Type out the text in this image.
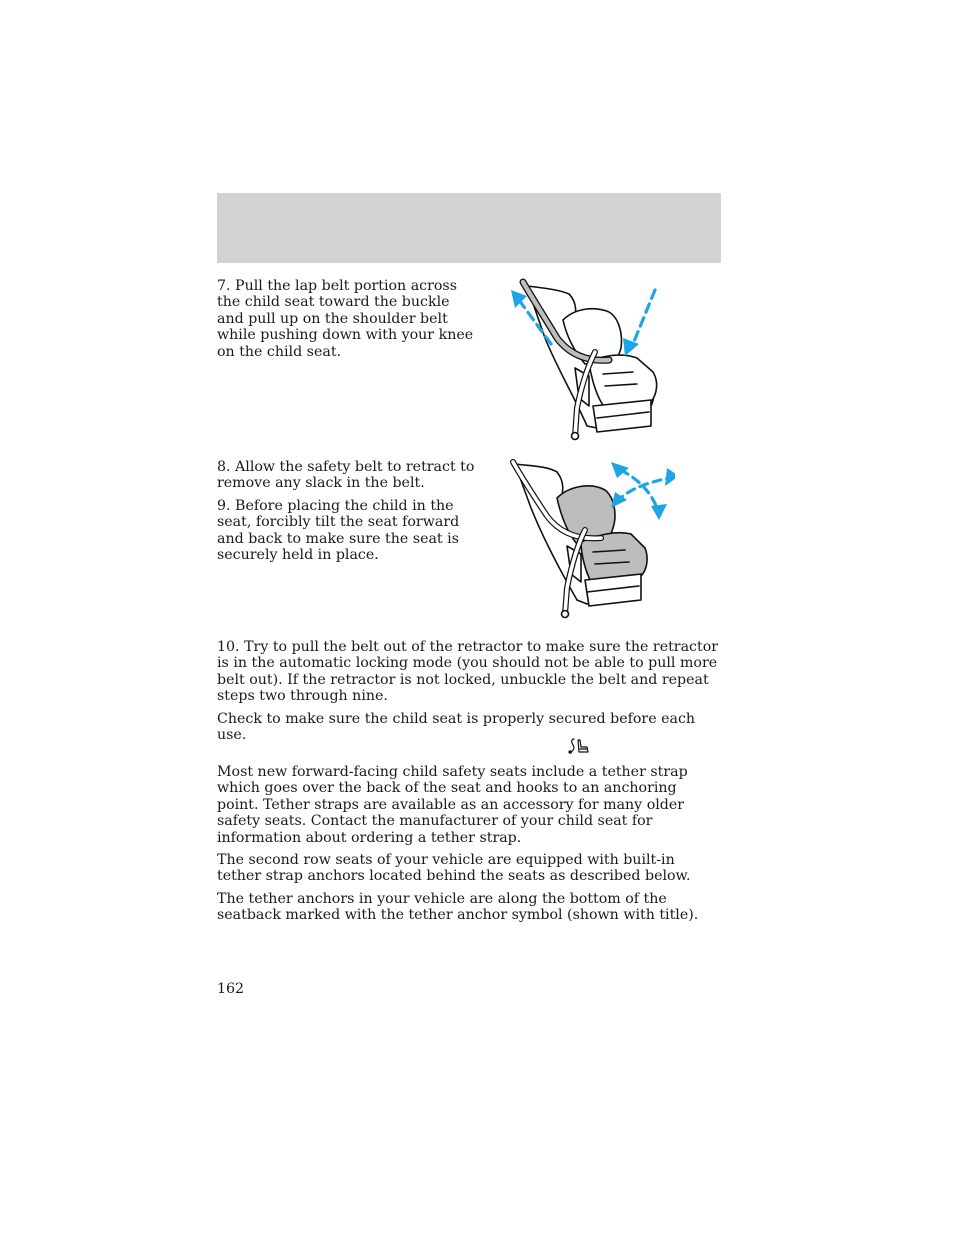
7. Pull the lap belt portion across the child seat toward the buckle and pull up on the shoulder belt while pushing down with your knee on the child seat.

8. Allow the safety belt to retract to remove any slack in the belt.

9. Before placing the child in the seat, forcibly tilt the seat forward and back to make sure the seat is securely held in place.

10. Try to pull the belt out of the retractor to make sure the retractor is in the automatic locking mode (you should not be able to pull more belt out). If the retractor is not locked, unbuckle the belt and repeat steps two through nine.

Check to make sure the child seat is properly secured before each use.

Most new forward-facing child safety seats include a tether strap which goes over the back of the seat and hooks to an anchoring point. Tether straps are available as an accessory for many older safety seats. Contact the manufacturer of your child seat for information about ordering a tether strap.

The second row seats of your vehicle are equipped with built-in tether strap anchors located behind the seats as described below.

The tether anchors in your vehicle are along the bottom of the seatback marked with the tether anchor symbol (shown with title).

162
